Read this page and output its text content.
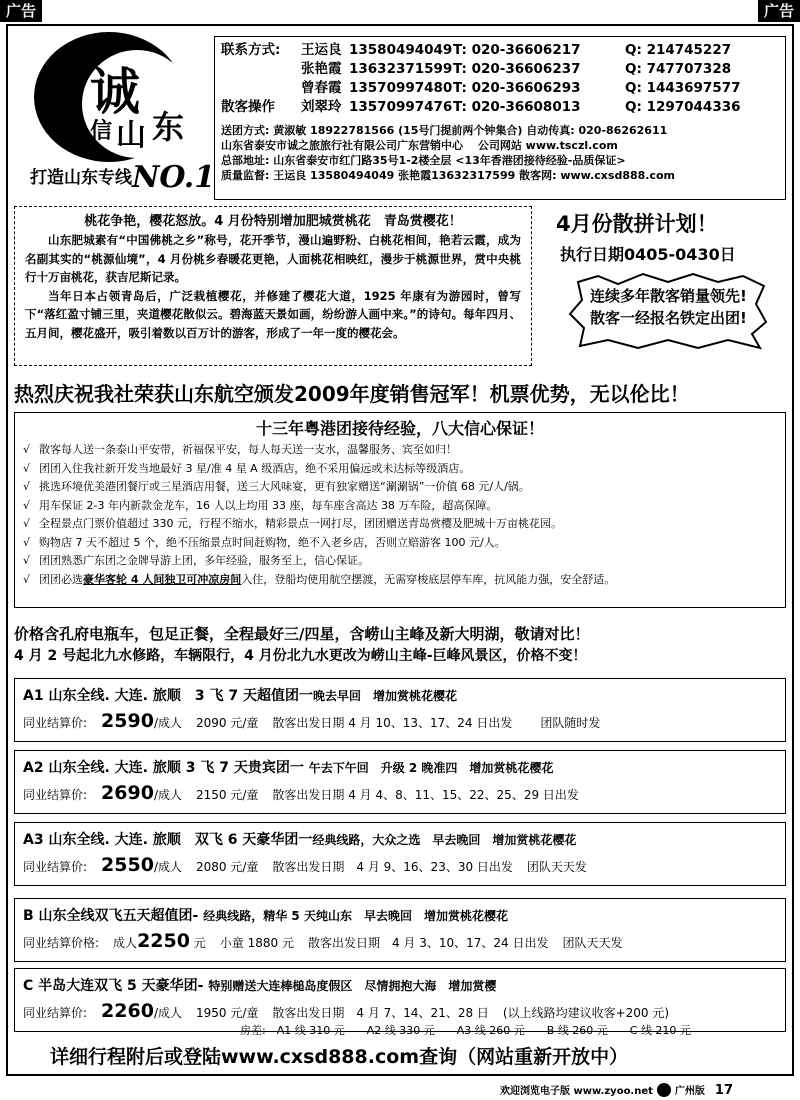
广告	广告
诚
信 山 东
打造山东专线NO.1
联系方式:	王运良 13580494049 T: 020-36606217	Q: 214745227
张艳霞 13632371599 T: 020-36606237	Q: 747707328
曾春霞 13570997480 T: 020-36606293	Q: 1443697577
散客操作	刘翠玲 13570997476 T: 020-36608013	Q: 1297044336
送团方式: 黄淑敏 18922781566 (15号门提前两个钟集合) 自动传真: 020-86262611
山东省泰安市诚之旅旅行社有限公司广东营销中心　 公司网站 www.tsczl.com
总部地址: 山东省泰安市红门路35号1-2楼全层 <13年香港团接待经验-品质保证>
质量监督: 王运良 13580494049 张艳霞13632317599 散客网: www.cxsd888.com
桃花争艳，樱花怒放。4 月份特别增加肥城赏桃花　青岛赏樱花！
山东肥城素有“中国佛桃之乡”称号，花开季节，漫山遍野粉、白桃花相间，艳若云霞，成为名副其实的“桃源仙境”，4 月份桃乡春暖花更艳，人面桃花相映红，漫步于桃源世界，赏中央桃行十万亩桃花，获吉尼斯记录。
当年日本占领青岛后，广泛栽植樱花，并修建了樱花大道，1925 年康有为游园时，曾写下“落红盈寸铺三里，夹道樱花散似云。碧海蓝天景如画，纷纷游人画中来。”的诗句。每年四月、五月间，樱花盛开，吸引着数以百万计的游客，形成了一年一度的樱花会。
4月份散拼计划！
执行日期0405-0430日
连续多年散客销量领先!
散客一经报名铁定出团!
热烈庆祝我社荣获山东航空颁发2009年度销售冠军！机票优势，无以伦比！
十三年粤港团接待经验，八大信心保证！
√ 散客每人送一条泰山平安带，祈福保平安，每人每天送一支水，温馨服务、宾至如归！
√ 团团入住我社新开发当地最好 3 星/准 4 星 A 级酒店，绝不采用偏远或未达标等级酒店。
√ 挑选环境优美港团餐厅或三星酒店用餐，送三大风味宴，更有独家赠送“涮涮锅”一价值 68 元/人/锅。
√ 用车保证 2-3 年内新款金龙车，16 人以上均用 33 座，每车座含高达 38 万车险，超高保障。
√ 全程景点门票价值超过 330 元，行程不缩水，精彩景点一网打尽，团团赠送青岛赏樱及肥城十万亩桃花园。
√ 购物店 7 天不超过 5 个，绝不压缩景点时间赶购物，绝不入老乡店，否则立赔游客 100 元/人。
√ 团团熟悉广东团之金牌导游上团，多年经验，服务至上，信心保证。
√ 团团必选豪华客轮 4 人间独卫可冲凉房间入住，登船均使用航空摆渡，无需穿梭底层停车库，抗风能力强，安全舒适。
价格含孔府电瓶车，包足正餐，全程最好三/四星，含崂山主峰及新大明湖，敬请对比！
4 月 2 号起北九水修路，车辆限行，4 月份北九水更改为崂山主峰-巨峰风景区，价格不变！
A1 山东全线. 大连. 旅顺　3 飞 7 天超值团一晚去早回　增加赏桃花樱花
同业结算价: 2590/成人 2090 元/童 散客出发日期 4 月 10、13、17、24 日出发 团队随时发
A2 山东全线. 大连. 旅顺 3 飞 7 天贵宾团一 午去下午回　升级 2 晚准四　增加赏桃花樱花
同业结算价: 2690/成人 2150 元/童 散客出发日期 4 月 4、8、11、15、22、25、29 日出发
A3 山东全线. 大连. 旅顺　双飞 6 天豪华团一经典线路，大众之选　早去晚回　增加赏桃花樱花
同业结算价: 2550/成人 2080 元/童 散客出发日期　4 月 9、16、23、30 日出发 团队天天发
B 山东全线双飞五天超值团- 经典线路，精华 5 天纯山东　早去晚回　增加赏桃花樱花
同业结算价格: 成人2250 元 小童 1880 元 散客出发日期　4 月 3、10、17、24 日出发 团队天天发
C 半岛大连双飞 5 天豪华团- 特别赠送大连棒槌岛度假区　尽情拥抱大海　增加赏樱
同业结算价: 2260/成人 1950 元/童 散客出发日期　4 月 7、14、21、28 日 (以上线路均建议收客+200 元)
房差:　A1 线 310 元　　A2 线 330 元　　A3 线 260 元　　B 线 260 元　　C 线 210 元
详细行程附后或登陆www.cxsd888.com查询（网站重新开放中）
欢迎浏览电子版 www.zyoo.net 广州版 17
